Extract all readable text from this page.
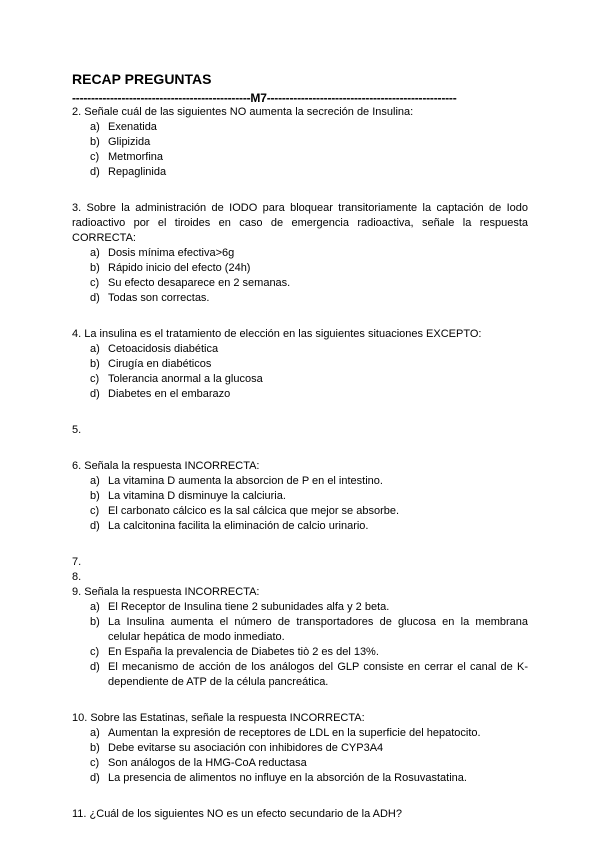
RECAP PREGUNTAS
-----------------------------------------------M7--------------------------------------------------
2. Señale cuál de las siguientes NO aumenta la secreción de Insulina:
a) Exenatida
b) Glipizida
c) Metmorfina
d) Repaglinida
3. Sobre la administración de IODO para bloquear transitoriamente la captación de Iodo radioactivo por el tiroides en caso de emergencia radioactiva, señale la respuesta CORRECTA:
a) Dosis mínima efectiva>6g
b) Rápido inicio del efecto (24h)
c) Su efecto desaparece en 2 semanas.
d) Todas son correctas.
4. La insulina es el tratamiento de elección en las siguientes situaciones EXCEPTO:
a) Cetoacidosis diabética
b) Cirugía en diabéticos
c) Tolerancia anormal a la glucosa
d) Diabetes en el embarazo
5.
6. Señala la respuesta INCORRECTA:
a) La vitamina D aumenta la absorcion de P en el intestino.
b) La vitamina D disminuye la calciuria.
c) El carbonato cálcico es la sal cálcica que mejor se absorbe.
d) La calcitonina facilita la eliminación de calcio urinario.
7.
8.
9. Señala la respuesta INCORRECTA:
a) El Receptor de Insulina tiene 2 subunidades alfa y 2 beta.
b) La Insulina aumenta el número de transportadores de glucosa en la membrana celular hepática de modo inmediato.
c) En España la prevalencia de Diabetes tiò 2 es del 13%.
d) El mecanismo de acción de los análogos del GLP consiste en cerrar el canal de K-dependiente de ATP de la célula pancreática.
10. Sobre las Estatinas, señale la respuesta INCORRECTA:
a) Aumentan la expresión de receptores de LDL en la superficie del hepatocito.
b) Debe evitarse su asociación con inhibidores de CYP3A4
c) Son análogos de la HMG-CoA reductasa
d) La presencia de alimentos no influye en la absorción de la Rosuvastatina.
11. ¿Cuál de los siguientes NO es un efecto secundario de la ADH?
